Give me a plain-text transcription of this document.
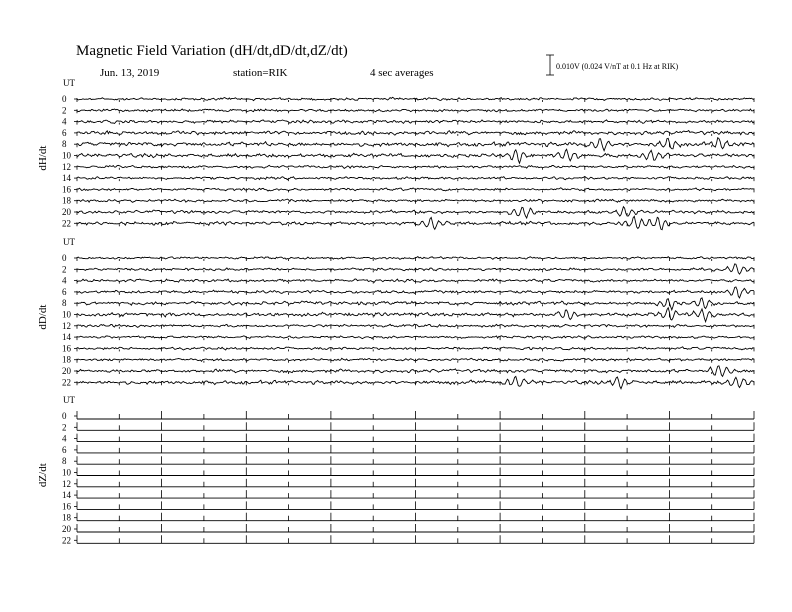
Magnetic Field Variation (dH/dt,dD/dt,dZ/dt)
Jun. 13, 2019	station=RIK	4 sec averages
0.010V (0.024 V/nT at 0.1 Hz at RIK)
UT
dH/dt
0
2
4
6
8
10
12
14
16
18
20
22
UT
dD/dt
0
2
4
6
8
10
12
14
16
18
20
22
UT
dZ/dt
0
2
4
6
8
10
12
14
16
18
20
22
